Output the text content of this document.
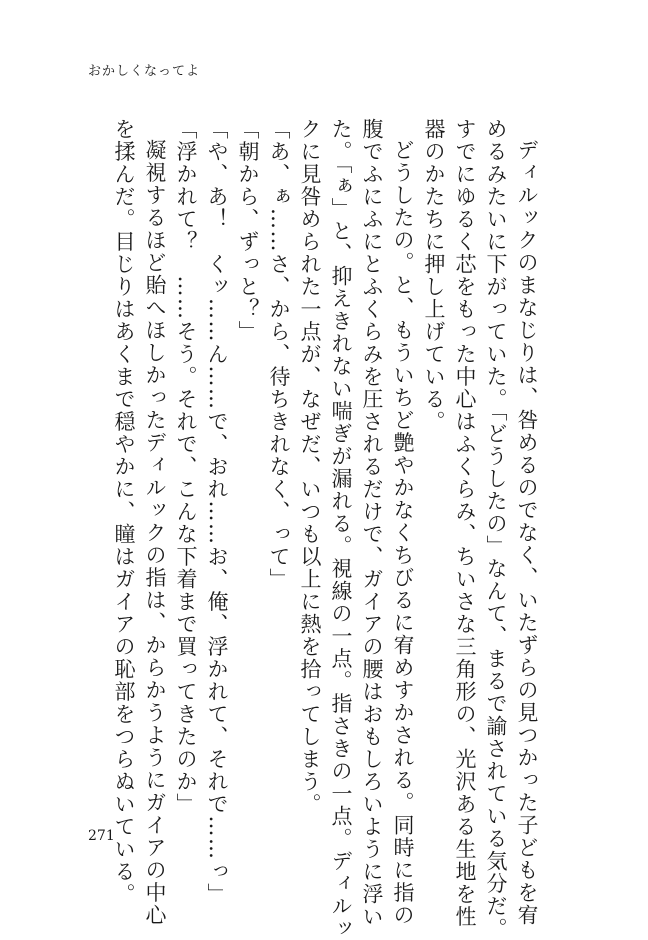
おかしくなってよ
ディルックのまなじりは、咎めるのでなく、いたずらの見つかった子どもを宥
めるみたいに下がっていた。「どうしたの」なんて、まるで諭されている気分だ。
すでにゆるく芯をもった中心はふくらみ、ちいさな三角形の、光沢ある生地を性
器のかたちに押し上げている。
どうしたの。と、もういちど艶やかなくちびるに宥めすかされる。同時に指の
腹でふにふにとふくらみを圧されるだけで、ガイアの腰はおもしろいように浮い
た。「ぁ」と、抑えきれない喘ぎが漏れる。視線の一点。指さきの一点。ディルッ
クに見咎められた一点が、なぜだ、いつも以上に熱を拾ってしまう。
「あ、ぁ……さ、から、待ちきれなく、って」
「朝から、ずっと？」
「や、あ！　くッ……ん……で、おれ……お、俺、浮かれて、それで……っ」
「浮かれて？　……そう。それで、こんな下着まで買ってきたのか」
凝視するほど貽へほしかったディルックの指は、からかうようにガイアの中心
を揉んだ。目じりはあくまで穏やかに、瞳はガイアの恥部をつらぬいている。
271
